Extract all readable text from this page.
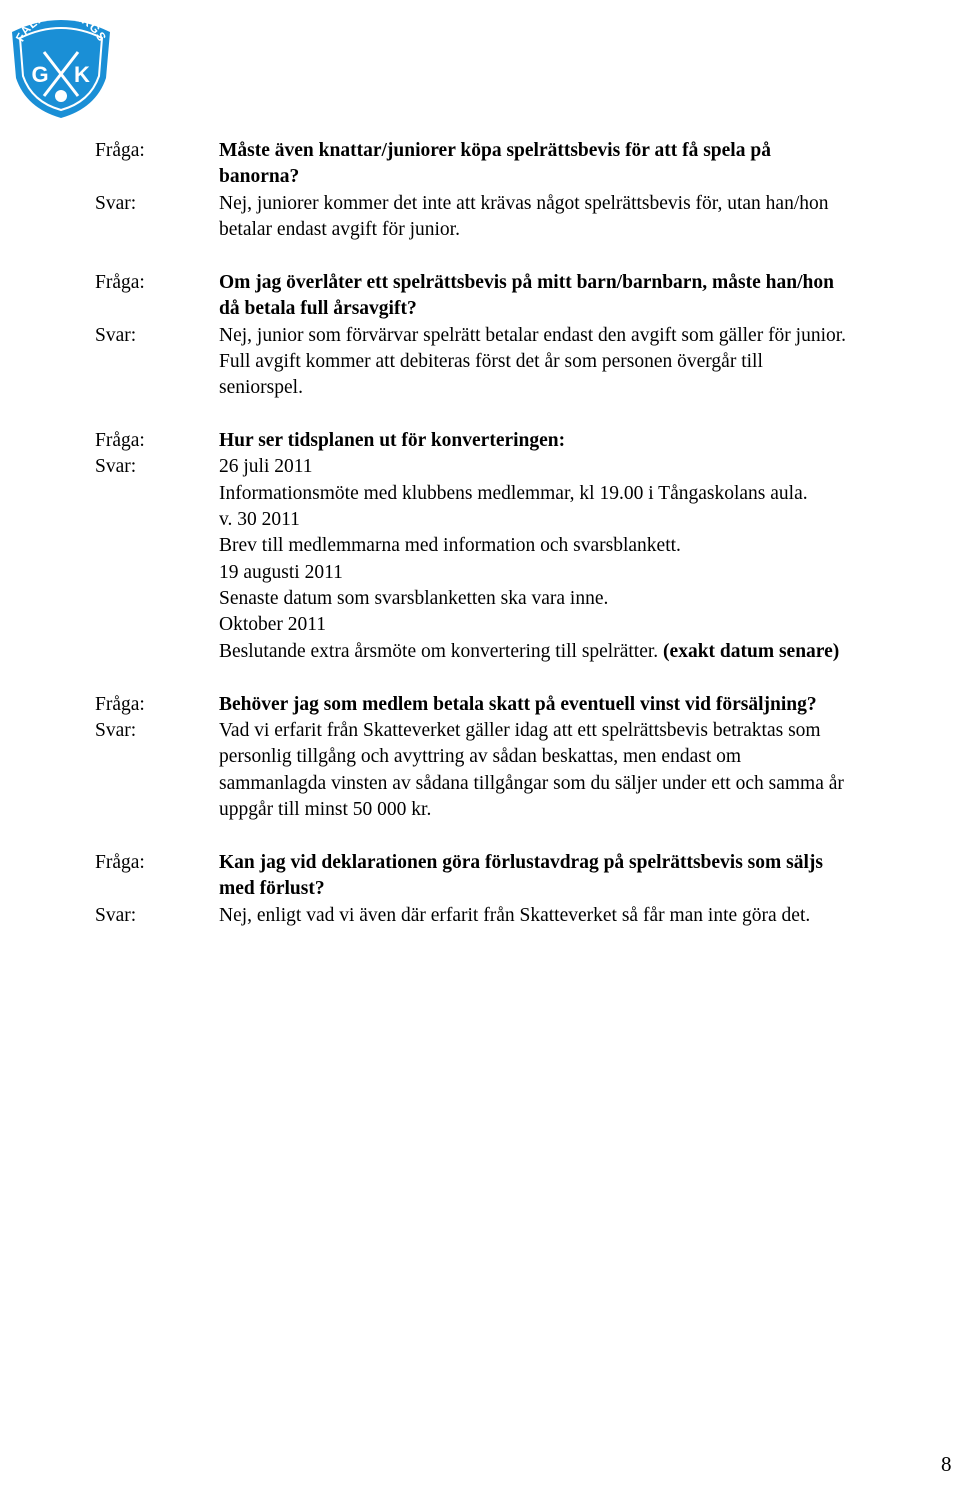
FALKENBERGS
G K
Fråga:	Måste även knattar/juniorer köpa spelrättsbevis för att få spela på
banorna?
Svar:	Nej, juniorer kommer det inte att krävas något spelrättsbevis för, utan han/hon
betalar endast avgift för junior.
Fråga:	Om jag överlåter ett spelrättsbevis på mitt barn/barnbarn, måste han/hon
då betala full årsavgift?
Svar:	Nej, junior som förvärvar spelrätt betalar endast den avgift som gäller för junior.
Full avgift kommer att debiteras först det år som personen övergår till
seniorspel.
Fråga:	Hur ser tidsplanen ut för konverteringen:
Svar:	26 juli 2011
Informationsmöte med klubbens medlemmar, kl 19.00 i Tångaskolans aula.
v. 30 2011
Brev till medlemmarna med information och svarsblankett.
19 augusti 2011
Senaste datum som svarsblanketten ska vara inne.
Oktober 2011
Beslutande extra årsmöte om konvertering till spelrätter. (exakt datum senare)
Fråga:	Behöver jag som medlem betala skatt på eventuell vinst vid försäljning?
Svar:	Vad vi erfarit från Skatteverket gäller idag att ett spelrättsbevis betraktas som
personlig tillgång och avyttring av sådan beskattas, men endast om
sammanlagda vinsten av sådana tillgångar som du säljer under ett och samma år
uppgår till minst 50 000 kr.
Fråga:	Kan jag vid deklarationen göra förlustavdrag på spelrättsbevis som säljs
med förlust?
Svar:	Nej, enligt vad vi även där erfarit från Skatteverket så får man inte göra det.
8
